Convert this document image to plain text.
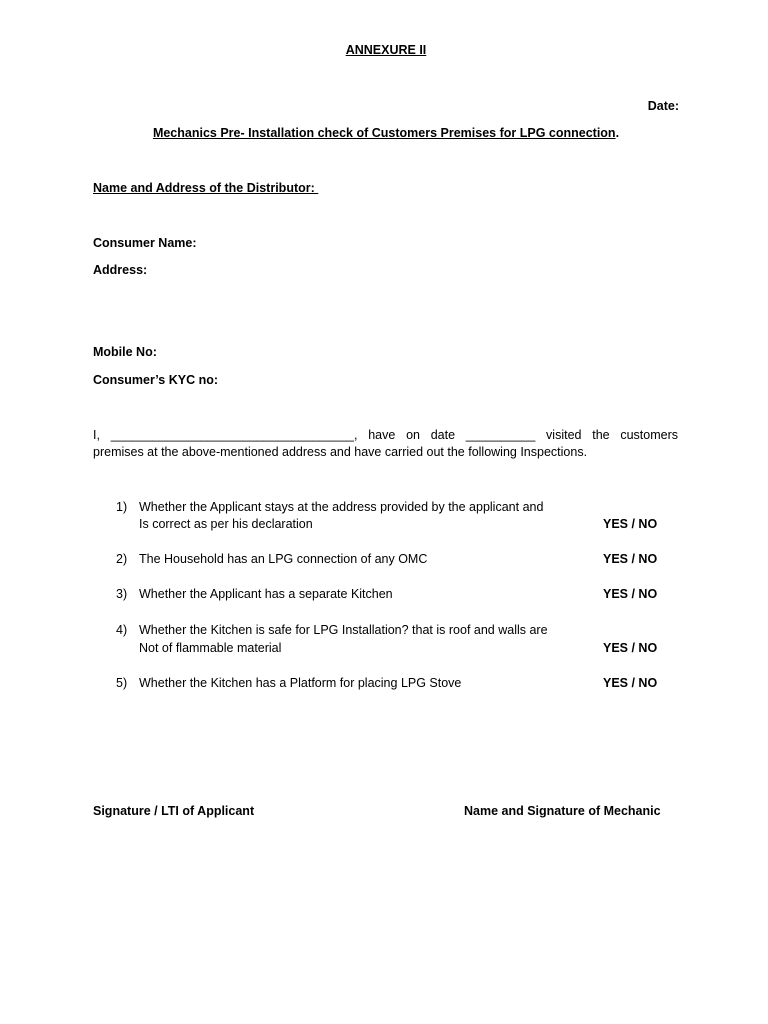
ANNEXURE II
Date:
Mechanics Pre- Installation check of Customers Premises for LPG connection.
Name and Address of the Distributor:
Consumer Name:
Address:
Mobile No:
Consumer’s KYC no:
I, ___________________________________, have on date __________ visited the customers
premises at the above-mentioned address and have carried out the following Inspections.
1) Whether the Applicant stays at the address provided by the applicant and
Is correct as per his declaration	YES / NO
2) The Household has an LPG connection of any OMC	YES / NO
3) Whether the Applicant has a separate Kitchen	YES / NO
4) Whether the Kitchen is safe for LPG Installation? that is roof and walls are
Not of flammable material	YES / NO
5) Whether the Kitchen has a Platform for placing LPG Stove	YES / NO
Signature / LTI of Applicant	Name and Signature of Mechanic
